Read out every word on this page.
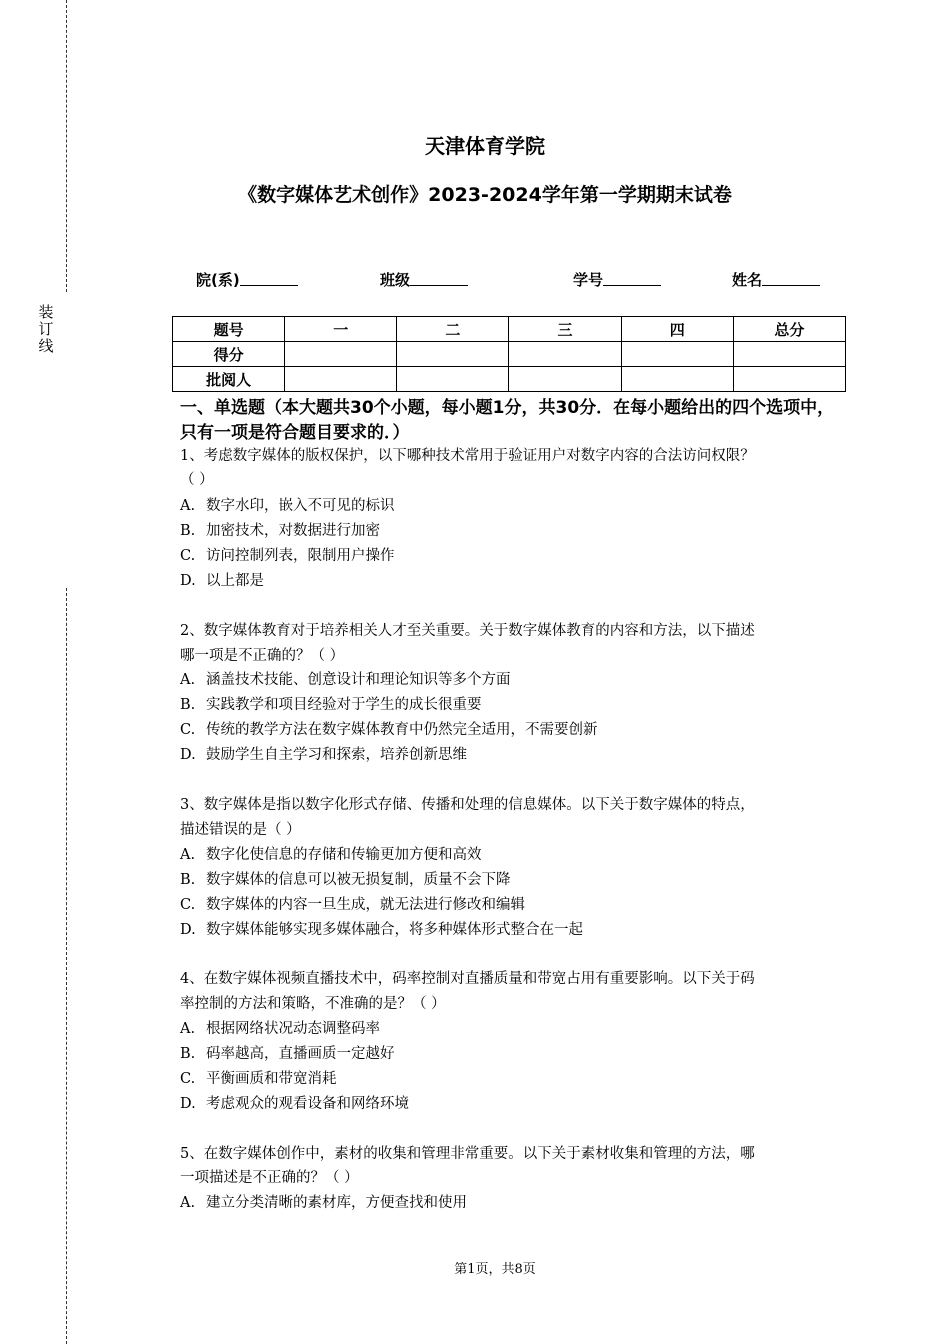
装
订
线
天津体育学院
《数字媒体艺术创作》2023-2024学年第一学期期末试卷
院(系)	班级	学号	姓名
题号	一	二	三	四	总分
得分					
批阅人					
一、单选题（本大题共30个小题，每小题1分，共30分．在每小题给出的四个选项中，只有一项是符合题目要求的．）
1、考虑数字媒体的版权保护，以下哪种技术常用于验证用户对数字内容的合法访问权限？
（ ）
A. 数字水印，嵌入不可见的标识
B. 加密技术，对数据进行加密
C. 访问控制列表，限制用户操作
D. 以上都是
2、数字媒体教育对于培养相关人才至关重要。关于数字媒体教育的内容和方法，以下描述
哪一项是不正确的？（ ）
A. 涵盖技术技能、创意设计和理论知识等多个方面
B. 实践教学和项目经验对于学生的成长很重要
C. 传统的教学方法在数字媒体教育中仍然完全适用，不需要创新
D. 鼓励学生自主学习和探索，培养创新思维
3、数字媒体是指以数字化形式存储、传播和处理的信息媒体。以下关于数字媒体的特点，
描述错误的是（ ）
A. 数字化使信息的存储和传输更加方便和高效
B. 数字媒体的信息可以被无损复制，质量不会下降
C. 数字媒体的内容一旦生成，就无法进行修改和编辑
D. 数字媒体能够实现多媒体融合，将多种媒体形式整合在一起
4、在数字媒体视频直播技术中，码率控制对直播质量和带宽占用有重要影响。以下关于码
率控制的方法和策略，不准确的是？（ ）
A. 根据网络状况动态调整码率
B. 码率越高，直播画质一定越好
C. 平衡画质和带宽消耗
D. 考虑观众的观看设备和网络环境
5、在数字媒体创作中，素材的收集和管理非常重要。以下关于素材收集和管理的方法，哪
一项描述是不正确的？（ ）
A. 建立分类清晰的素材库，方便查找和使用
第1页，共8页
